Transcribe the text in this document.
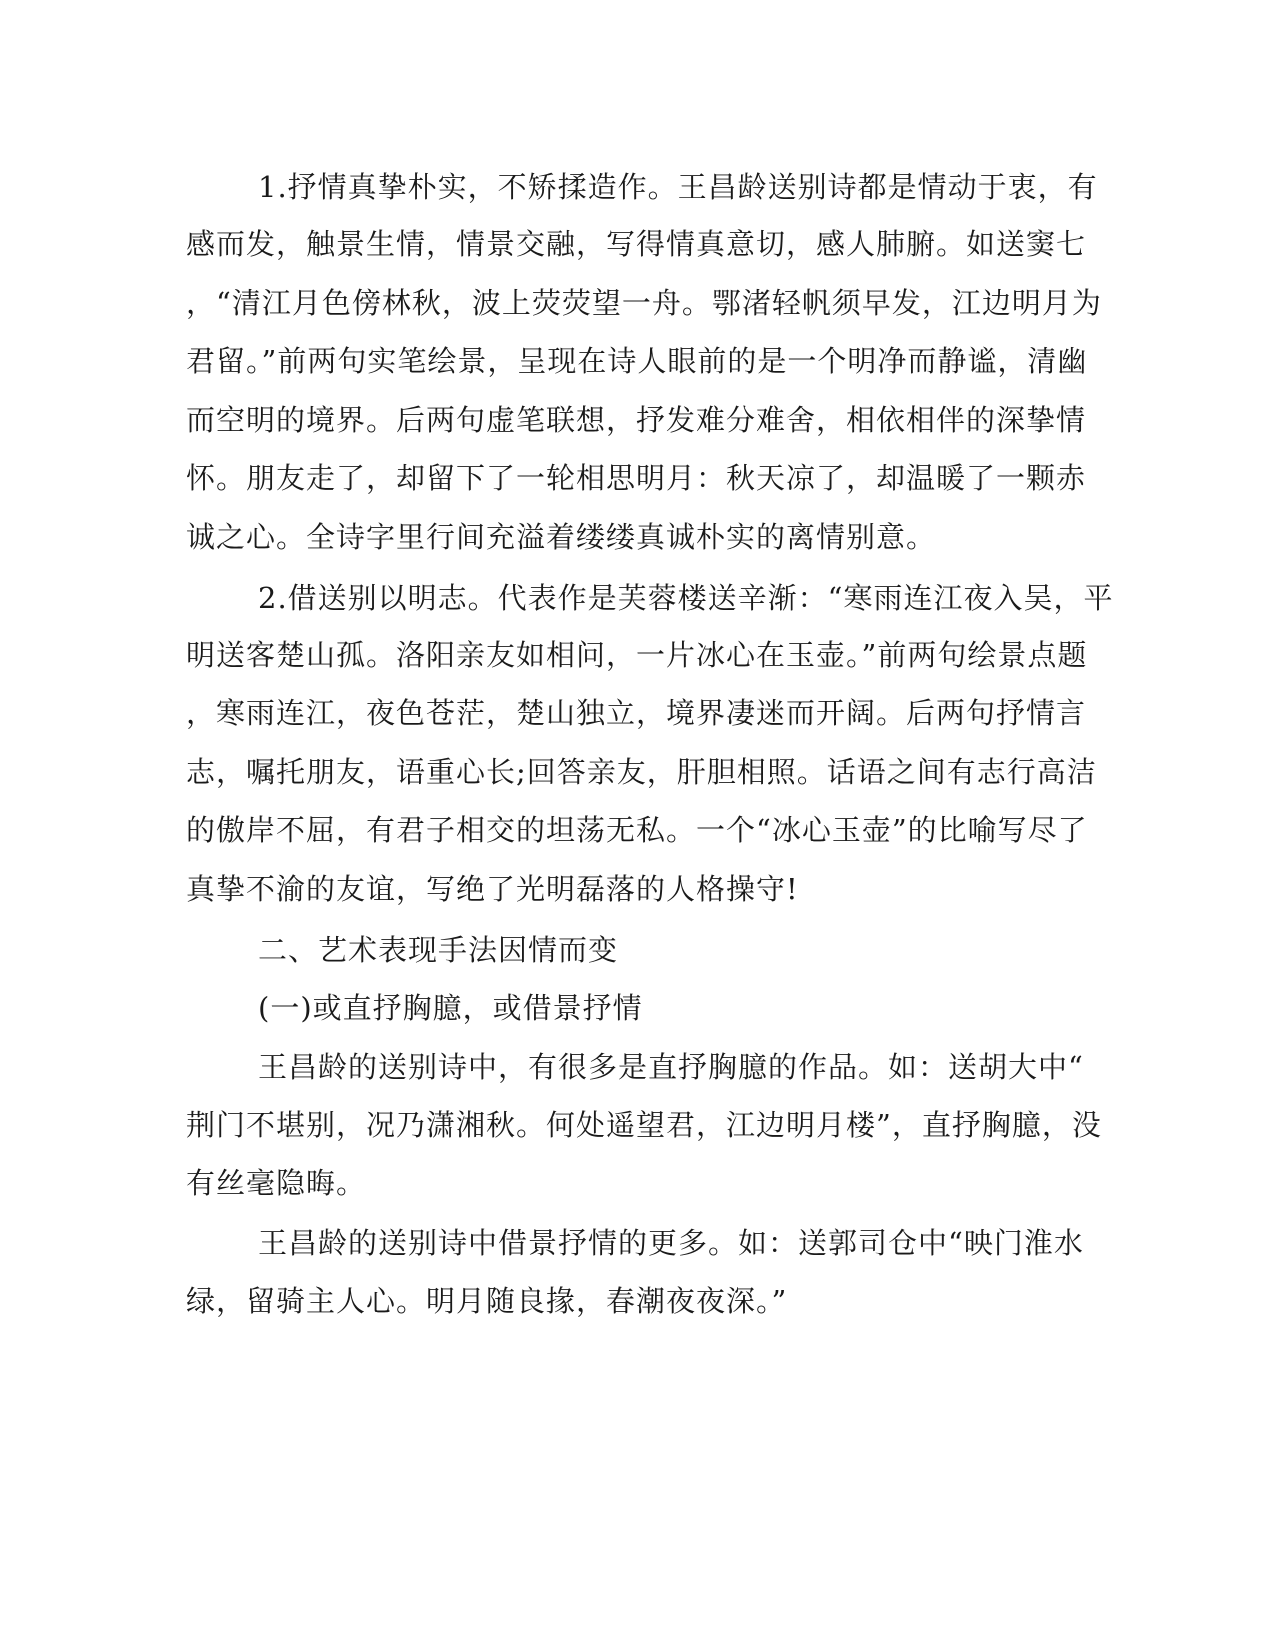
1.抒情真挚朴实，不矫揉造作。王昌龄送别诗都是情动于衷，有
感而发，触景生情，情景交融，写得情真意切，感人肺腑。如送窦七
，“清江月色傍林秋，波上荧荧望一舟。鄂渚轻帆须早发，江边明月为
君留。”前两句实笔绘景，呈现在诗人眼前的是一个明净而静谧，清幽
而空明的境界。后两句虚笔联想，抒发难分难舍，相依相伴的深挚情
怀。朋友走了，却留下了一轮相思明月：秋天凉了，却温暖了一颗赤
诚之心。全诗字里行间充溢着缕缕真诚朴实的离情别意。
2.借送别以明志。代表作是芙蓉楼送辛渐：“寒雨连江夜入吴，平
明送客楚山孤。洛阳亲友如相问，一片冰心在玉壶。”前两句绘景点题
，寒雨连江，夜色苍茫，楚山独立，境界凄迷而开阔。后两句抒情言
志，嘱托朋友，语重心长;回答亲友，肝胆相照。话语之间有志行高洁
的傲岸不屈，有君子相交的坦荡无私。一个“冰心玉壶”的比喻写尽了
真挚不渝的友谊，写绝了光明磊落的人格操守!
二、艺术表现手法因情而变
(一)或直抒胸臆，或借景抒情
王昌龄的送别诗中，有很多是直抒胸臆的作品。如：送胡大中“
荆门不堪别，况乃潇湘秋。何处遥望君，江边明月楼”，直抒胸臆，没
有丝毫隐晦。
王昌龄的送别诗中借景抒情的更多。如：送郭司仓中“映门淮水
绿，留骑主人心。明月随良掾，春潮夜夜深。”
